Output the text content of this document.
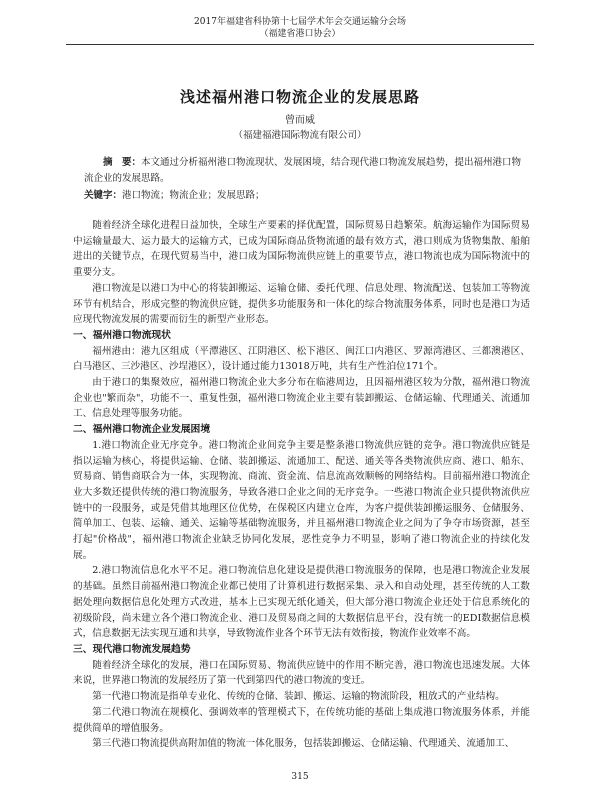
2017年福建省科协第十七届学术年会交通运输分会场
（福建省港口协会）
浅述福州港口物流企业的发展思路
曾而威
（福建福港国际物流有限公司）
摘　要：本文通过分析福州港口物流现状、发展困境，结合现代港口物流发展趋势，提出福州港口物流企业的发展思路。
关键字：港口物流；物流企业；发展思路；

随着经济全球化进程日益加快，全球生产要素的择优配置，国际贸易日趋繁荣。航海运输作为国际贸易中运输量最大、运力最大的运输方式，已成为国际商品货物流通的最有效方式，港口则成为货物集散、船舶进出的关键节点，在现代贸易当中，港口成为国际物流供应链上的重要节点，港口物流也成为国际物流中的重要分支。

港口物流是以港口为中心的将装卸搬运、运输仓储、委托代理、信息处理、物流配送、包装加工等物流环节有机结合，形成完整的物流供应链，提供多功能服务和一体化的综合物流服务体系，同时也是港口为适应现代物流发展的需要而衍生的新型产业形态。

一、福州港口物流现状

福州港由：港九区组成（平潭港区、江阴港区、松下港区、闽江口内港区、罗源湾港区、三都澳港区、白马港区、三沙港区、沙埕港区），设计通过能力13018万吨，共有生产性泊位171个。

由于港口的集聚效应，福州港口物流企业大多分布在临港周边，且因福州港区较为分散，福州港口物流企业也"繁而杂"，功能不一、重复性强，福州港口物流企业主要有装卸搬运、仓储运输、代理通关、流通加工、信息处理等服务功能。

二、福州港口物流企业发展困境

1.港口物流企业无序竞争。港口物流企业间竞争主要是整条港口物流供应链的竞争。港口物流供应链是指以运输为核心，将提供运输、仓储、装卸搬运、流通加工、配送、通关等各类物流供应商、港口、船东、贸易商、销售商联合为一体，实现物流、商流、资金流、信息流高效顺畅的网络结构。目前福州港口物流企业大多数还提供传统的港口物流服务，导致各港口企业之间的无序竞争。一些港口物流企业只提供物流供应链中的一段服务，或是凭借其地理区位优势，在保税区内建立仓库，为客户提供装卸搬运服务、仓储服务、简单加工、包装、运输、通关、运输等基础物流服务，并且福州港口物流企业之间为了争夺市场资源，甚至打起"价格战"，福州港口物流企业缺乏协同化发展，恶性竞争力不明显，影响了港口物流企业的持续化发展。

2.港口物流信息化水平不足。港口物流信息化建设是提供港口物流服务的保障，也是港口物流企业发展的基础。虽然目前福州港口物流企业都已使用了计算机进行数据采集、录入和自动处理，甚至传统的人工数据处理向数据信息化处理方式改进，基本上已实现无纸化通关，但大部分港口物流企业还处于信息系统化的初级阶段，尚未建立各个港口物流企业、港口及贸易商之间的大数据信息平台，没有统一的EDI数据信息模式，信息数据无法实现互通和共享，导致物流作业各个环节无法有效衔接，物流作业效率不高。

三、现代港口物流发展趋势

随着经济全球化的发展，港口在国际贸易、物流供应链中的作用不断完善，港口物流也迅速发展。大体来说，世界港口物流的发展经历了第一代到第四代的港口物流的变迁。

第一代港口物流是指单专业化、传统的仓储、装卸、搬运、运输的物流阶段，粗放式的产业结构。

第二代港口物流在规模化、强调效率的管理模式下，在传统功能的基础上集成港口物流服务体系，并能提供简单的增值服务。

第三代港口物流提供高附加值的物流一体化服务，包括装卸搬运、仓储运输、代理通关、流通加工、

315
